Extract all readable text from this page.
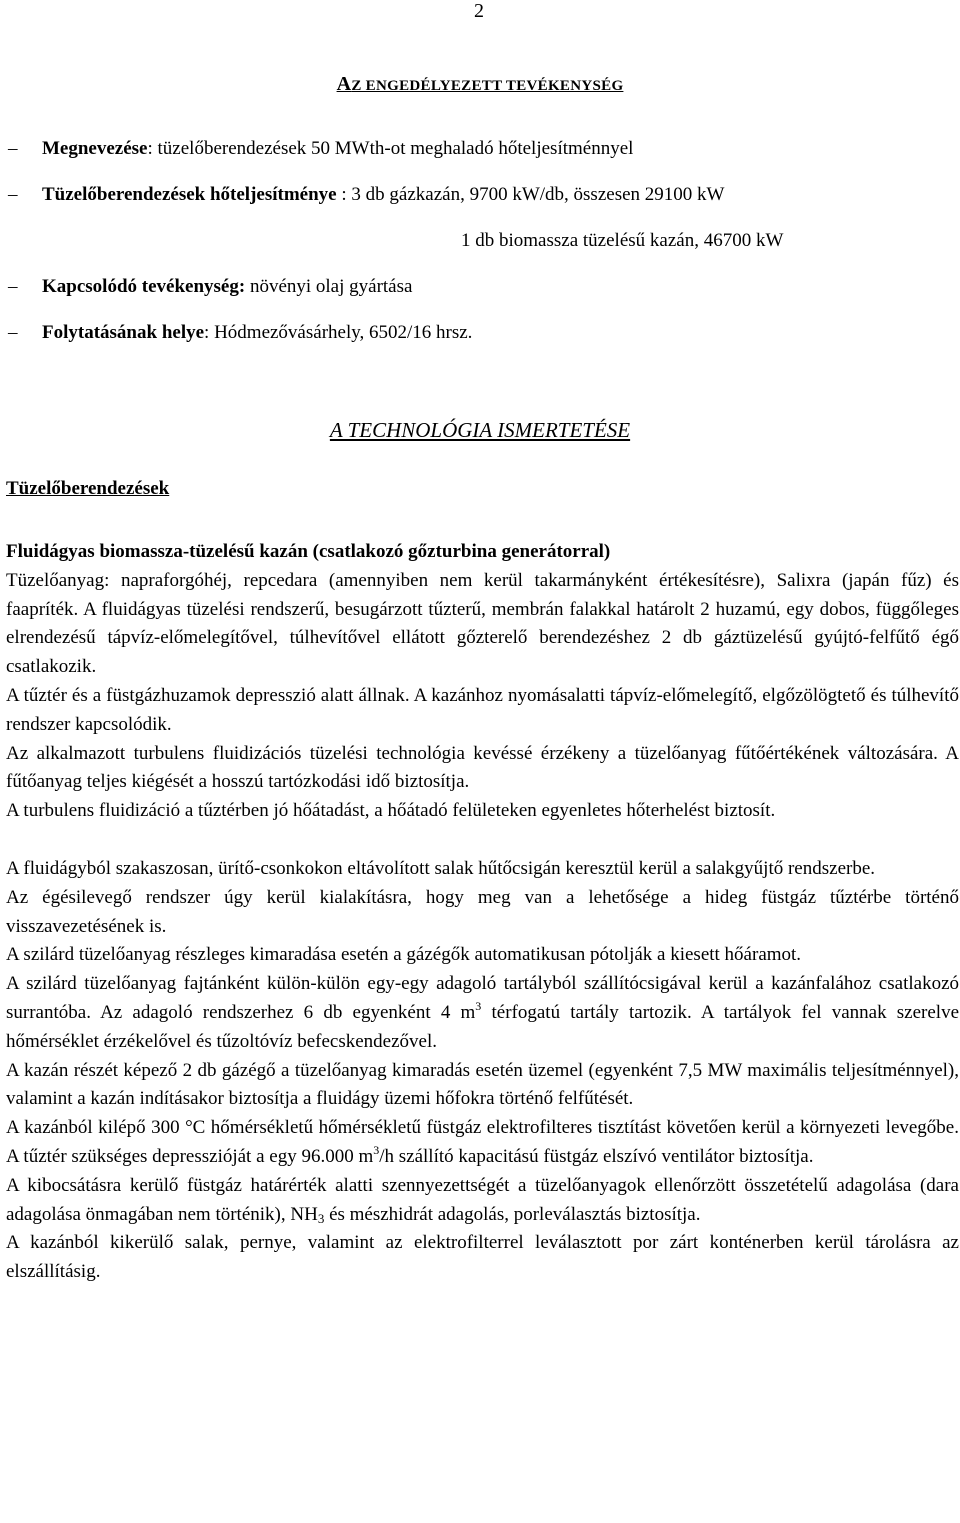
2
AZ ENGEDÉLYEZETT TEVÉKENYSÉG
– Megnevezése: tüzelőberendezések 50 MWth-ot meghaladó hőteljesítménnyel
– Tüzelőberendezések hőteljesítménye : 3 db gázkazán, 9700 kW/db, összesen 29100 kW
1 db biomassza tüzelésű kazán, 46700 kW
– Kapcsolódó tevékenység: növényi olaj gyártása
– Folytatásának helye: Hódmezővásárhely, 6502/16 hrsz.
A TECHNOLÓGIA ISMERTETÉSE
Tüzelőberendezések

Fluidágyas biomassza-tüzelésű kazán (csatlakozó gőzturbina generátorral)

Tüzelőanyag: napraforgóhéj, repcedara (amennyiben nem kerül takarmányként értékesítésre), Salixra (japán fűz) és faapríték. A fluidágyas tüzelési rendszerű, besugárzott tűzterű, membrán falakkal határolt 2 huzamú, egy dobos, függőleges elrendezésű tápvíz-előmelegítővel, túlhevítővel ellátott gőzterelő berendezéshez 2 db gáztüzelésű gyújtó-felfűtő égő csatlakozik.

A tűztér és a füstgázhuzamok depresszió alatt állnak. A kazánhoz nyomásalatti tápvíz-előmelegítő, elgőzölögtető és túlhevítő rendszer kapcsolódik.

Az alkalmazott turbulens fluidizációs tüzelési technológia kevéssé érzékeny a tüzelőanyag fűtőértékének változására. A fűtőanyag teljes kiégését a hosszú tartózkodási idő biztosítja.

A turbulens fluidizáció a tűztérben jó hőátadást, a hőátadó felületeken egyenletes hőterhelést biztosít.

A fluidágyból szakaszosan, ürítő-csonkokon eltávolított salak hűtőcsigán keresztül kerül a salakgyűjtő rendszerbe.

Az égésilevegő rendszer úgy kerül kialakításra, hogy meg van a lehetősége a hideg füstgáz tűztérbe történő visszavezetésének is.

A szilárd tüzelőanyag részleges kimaradása esetén a gázégők automatikusan pótolják a kiesett hőáramot.

A szilárd tüzelőanyag fajtánként külön-külön egy-egy adagoló tartályból szállítócsigával kerül a kazánfalához csatlakozó surrantóba. Az adagoló rendszerhez 6 db egyenként 4 $m^3$ térfogatú tartály tartozik. A tartályok fel vannak szerelve hőmérséklet érzékelővel és tűzoltóvíz befecskendezővel.

A kazán részét képező 2 db gázégő a tüzelőanyag kimaradás esetén üzemel (egyenként 7,5 MW maximális teljesítménnyel), valamint a kazán indításakor biztosítja a fluidágy üzemi hőfokra történő felfűtését.

A kazánból kilépő 300 °C hőmérsékletű hőmérsékletű füstgáz elektrofilteres tisztítást követően kerül a környezeti levegőbe. A tűztér szükséges depresszióját a egy 96.000 $m^3/h$ szállító kapacitású füstgáz elszívó ventilátor biztosítja.

A kibocsátásra kerülő füstgáz határérték alatti szennyezettségét a tüzelőanyagok ellenőrzött összetételű adagolása (dara adagolása önmagában nem történik), $NH_3$ és mészhidrát adagolás, porleválasztás biztosítja.

A kazánból kikerülő salak, pernye, valamint az elektrofilterrel leválasztott por zárt konténerben kerül tárolásra az elszállításig.
